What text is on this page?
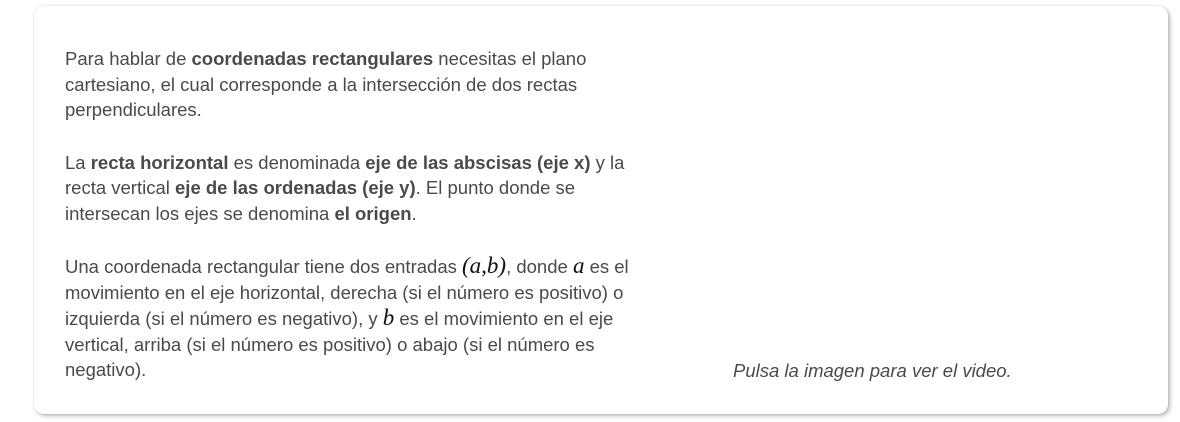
Para hablar de coordenadas rectangulares necesitas el plano cartesiano, el cual corresponde a la intersección de dos rectas perpendiculares.

La recta horizontal es denominada eje de las abscisas (eje x) y la recta vertical eje de las ordenadas (eje y). El punto donde se intersecan los ejes se denomina el origen.

Una coordenada rectangular tiene dos entradas (a,b), donde a es el movimiento en el eje horizontal, derecha (si el número es positivo) o izquierda (si el número es negativo), y b es el movimiento en el eje vertical, arriba (si el número es positivo) o abajo (si el número es negativo).	Pulsa la imagen para ver el video.
